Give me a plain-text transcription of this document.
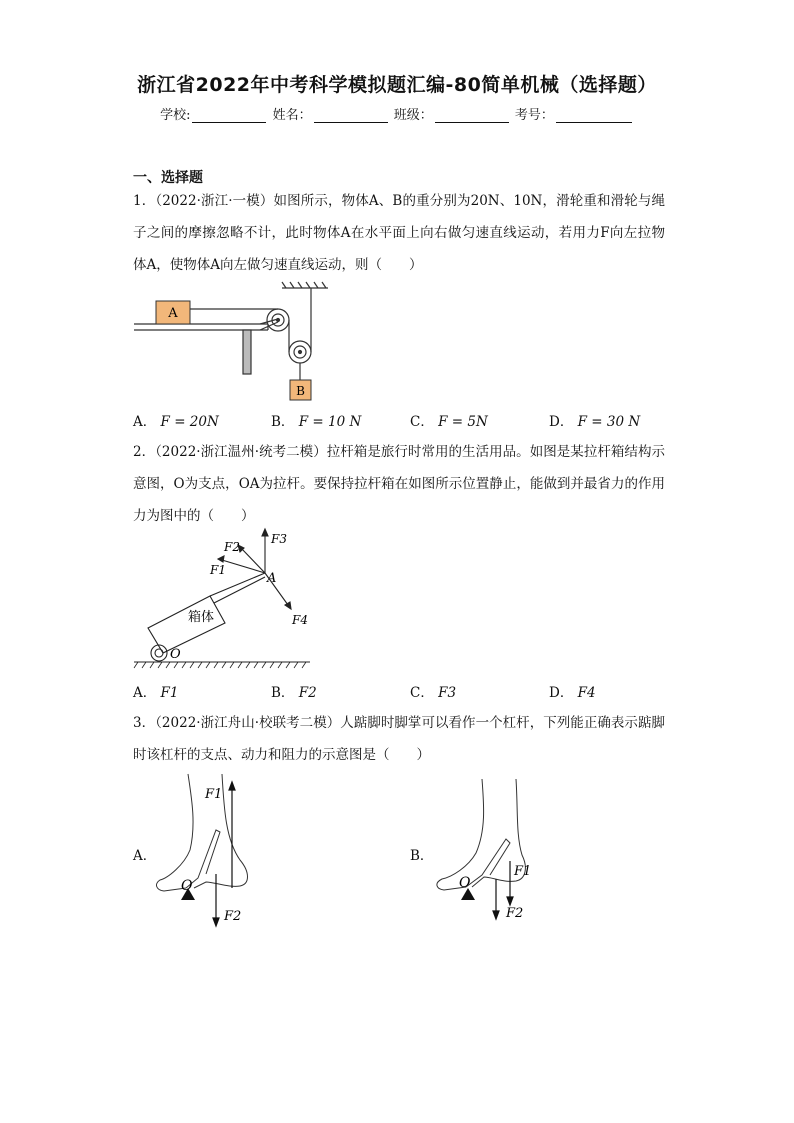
浙江省2022年中考科学模拟题汇编-80简单机械（选择题）
学校:	姓名：	班级：	考号：
一、选择题
1．（2022·浙江·一模）如图所示，物体A、B的重分别为20N、10N，滑轮重和滑轮与绳子之间的摩擦忽略不计，此时物体A在水平面上向右做匀速直线运动，若用力F向左拉物体A，使物体A向左做匀速直线运动，则（　　）
A
B
A． F = 20N	B． F = 10 N	C． F = 5N	D． F = 30 N
2．（2022·浙江温州·统考二模）拉杆箱是旅行时常用的生活用品。如图是某拉杆箱结构示意图，O为支点，OA为拉杆。要保持拉杆箱在如图所示位置静止，能做到并最省力的作用力为图中的（　　）
箱体
O
A
F3
F2
F1
F4
A． F1	B． F2	C． F3	D． F4
3．（2022·浙江舟山·校联考二模）人踮脚时脚掌可以看作一个杠杆，下列能正确表示踮脚时该杠杆的支点、动力和阻力的示意图是（　　）
A．
O
F1
F2
B．
O
F1
F2
